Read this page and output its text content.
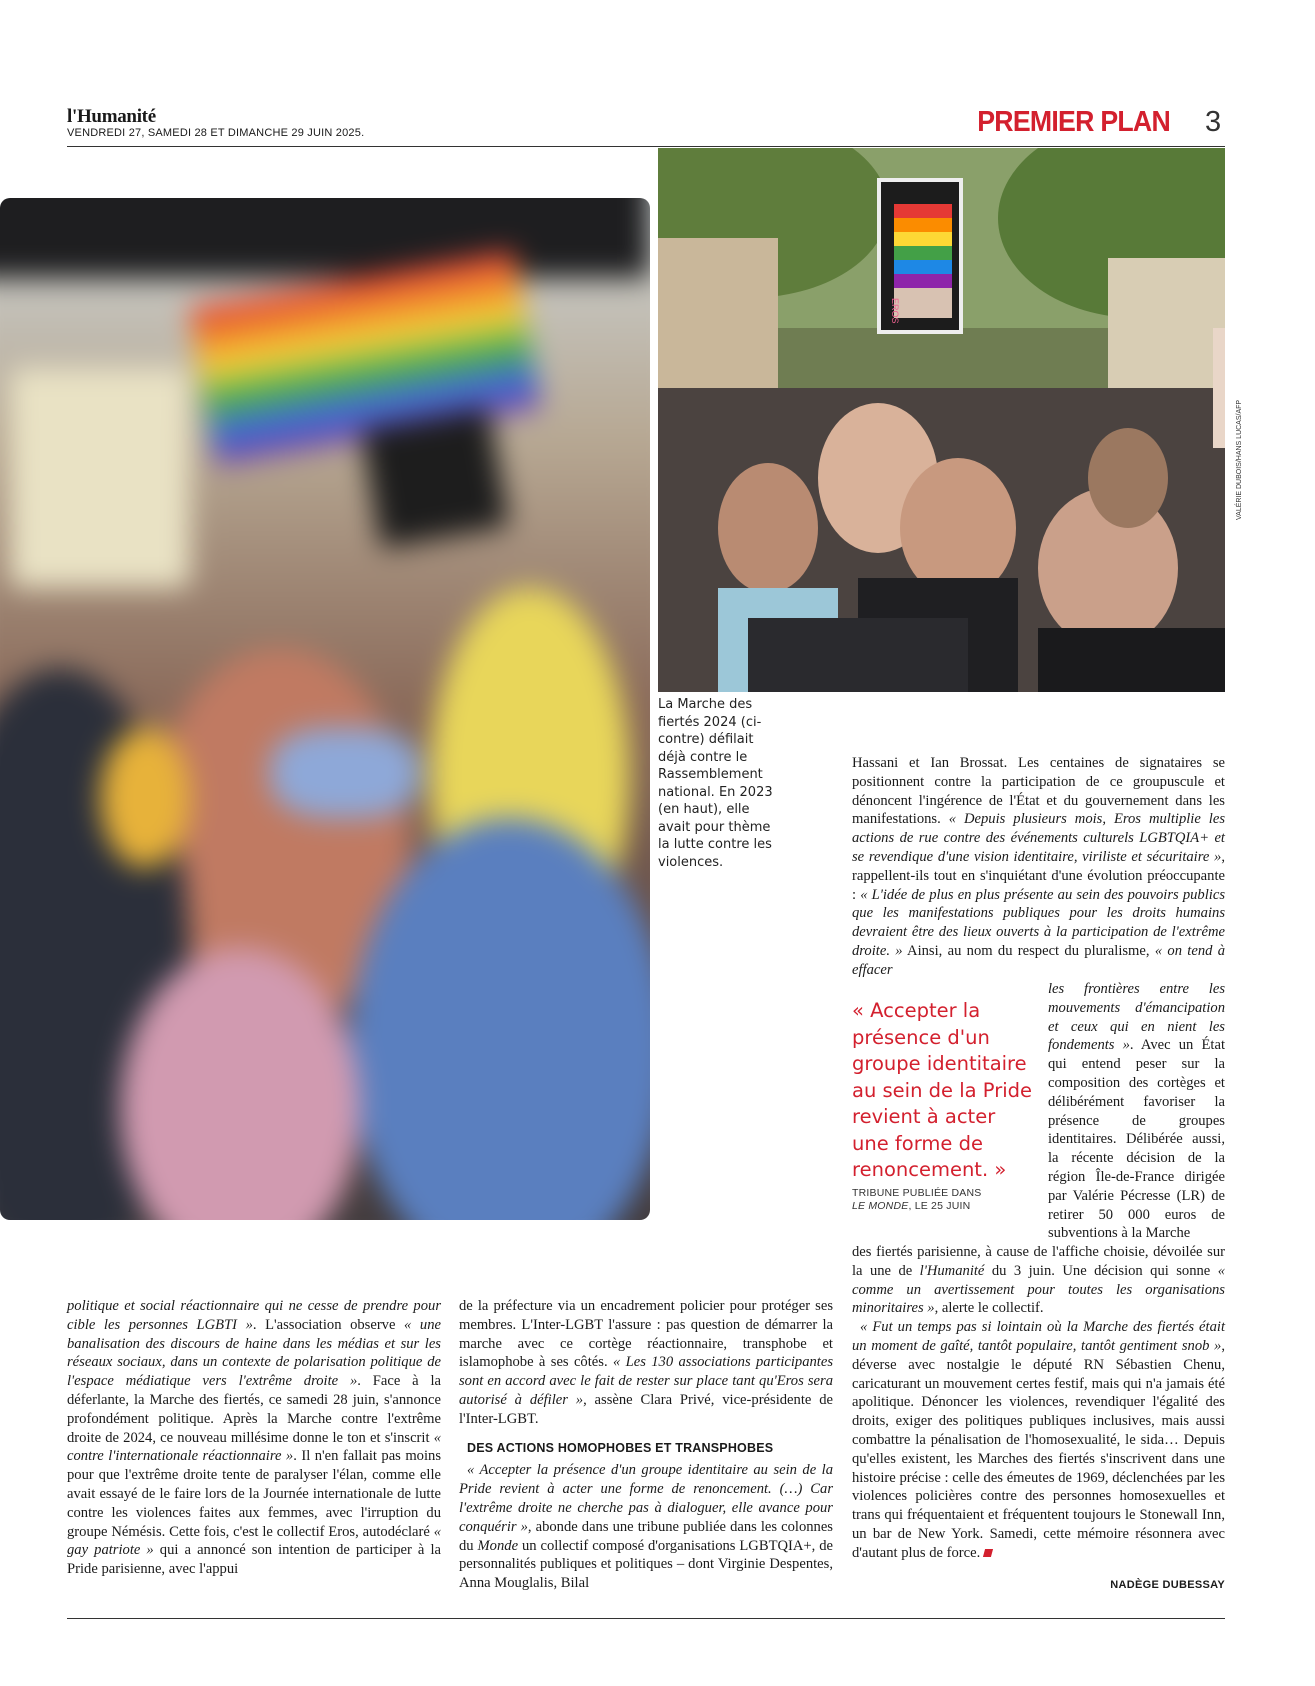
l'Humanité
VENDREDI 27, SAMEDI 28 ET DIMANCHE 29 JUIN 2025.	PREMIER PLAN 3
EROS
VALÉRIE DUBOIS/HANS LUCAS/AFP
La Marche des fiertés 2024 (ci-contre) défilait déjà contre le Rassemblement national. En 2023 (en haut), elle avait pour thème la lutte contre les violences.

Hassani et Ian Brossat. Les centaines de signataires se positionnent contre la participation de ce groupuscule et dénoncent l'ingérence de l'État et du gouvernement dans les manifestations. « Depuis plusieurs mois, Eros multiplie les actions de rue contre des événements culturels LGBTQIA+ et se revendique d'une vision identitaire, viriliste et sécuritaire », rappellent-ils tout en s'inquiétant d'une évolution préoccupante : « L'idée de plus en plus présente au sein des pouvoirs publics que les manifestations publiques pour les droits humains devraient être des lieux ouverts à la participation de l'extrême droite. » Ainsi, au nom du respect du pluralisme, « on tend à effacer

« Accepter la présence d'un groupe identitaire au sein de la Pride revient à acter une forme de renoncement. »
TRIBUNE PUBLIÉE DANS
LE MONDE, LE 25 JUIN

les frontières entre les mouvements d'émancipation et ceux qui en nient les fondements ». Avec un État qui entend peser sur la composition des cortèges et délibérément favoriser la présence de groupes identitaires. Délibérée aussi, la récente décision de la région Île-de-France dirigée par Valérie Pécresse (LR) de retirer 50 000 euros de subventions à la Marche

des fiertés parisienne, à cause de l'affiche choisie, dévoilée sur la une de l'Humanité du 3 juin. Une décision qui sonne « comme un avertissement pour toutes les organisations minoritaires », alerte le collectif.

« Fut un temps pas si lointain où la Marche des fiertés était un moment de gaîté, tantôt populaire, tantôt gentiment snob », déverse avec nostalgie le député RN Sébastien Chenu, caricaturant un mouvement certes festif, mais qui n'a jamais été apolitique. Dénoncer les violences, revendiquer l'égalité des droits, exiger des politiques publiques inclusives, mais aussi combattre la pénalisation de l'homosexualité, le sida… Depuis qu'elles existent, les Marches des fiertés s'inscrivent dans une histoire précise : celle des émeutes de 1969, déclenchées par les violences policières contre des personnes homosexuelles et trans qui fréquentaient et fréquentent toujours le Stonewall Inn, un bar de New York. Samedi, cette mémoire résonnera avec d'autant plus de force.

politique et social réactionnaire qui ne cesse de prendre pour cible les personnes LGBTI ». L'association observe « une banalisation des discours de haine dans les médias et sur les réseaux sociaux, dans un contexte de polarisation politique de l'espace médiatique vers l'extrême droite ». Face à la déferlante, la Marche des fiertés, ce samedi 28 juin, s'annonce profondément politique. Après la Marche contre l'extrême droite de 2024, ce nouveau millésime donne le ton et s'inscrit « contre l'internationale réactionnaire ». Il n'en fallait pas moins pour que l'extrême droite tente de paralyser l'élan, comme elle avait essayé de le faire lors de la Journée internationale de lutte contre les violences faites aux femmes, avec l'irruption du groupe Némésis. Cette fois, c'est le collectif Eros, autodéclaré « gay patriote » qui a annoncé son intention de participer à la Pride parisienne, avec l'appui

de la préfecture via un encadrement policier pour protéger ses membres. L'Inter-LGBT l'assure : pas question de démarrer la marche avec ce cortège réactionnaire, transphobe et islamophobe à ses côtés. « Les 130 associations participantes sont en accord avec le fait de rester sur place tant qu'Eros sera autorisé à défiler », assène Clara Privé, vice-présidente de l'Inter-LGBT.

DES ACTIONS HOMOPHOBES ET TRANSPHOBES

« Accepter la présence d'un groupe identitaire au sein de la Pride revient à acter une forme de renoncement. (…) Car l'extrême droite ne cherche pas à dialoguer, elle avance pour conquérir », abonde dans une tribune publiée dans les colonnes du Monde un collectif composé d'organisations LGBTQIA+, de personnalités publiques et politiques – dont Virginie Despentes, Anna Mouglalis, Bilal	NADÈGE DUBESSAY
